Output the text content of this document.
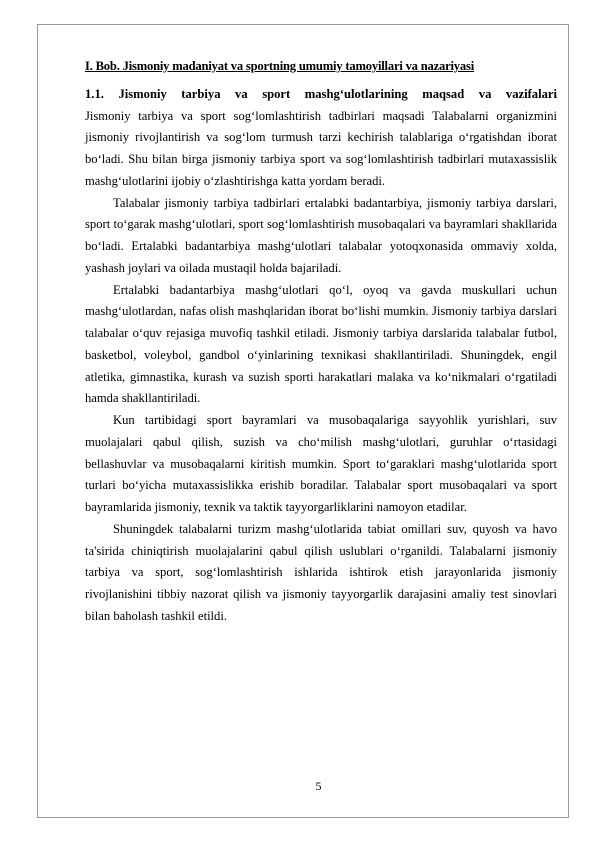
I. Bob. Jismoniy madaniyat va sportning umumiy tamoyillari va nazariyasi
1.1. Jismoniy tarbiya va sport mashg‘ulotlarining maqsad va vazifalari

Jismoniy tarbiya va sport sog‘lomlashtirish tadbirlari maqsadi Talabalarni organizmini jismoniy rivojlantirish va sog‘lom turmush tarzi kechirish talablariga o‘rgatishdan iborat bo‘ladi. Shu bilan birga jismoniy tarbiya sport va sog‘lomlashtirish tadbirlari mutaxassislik mashg‘ulotlarini ijobiy o‘zlashtirishga katta yordam beradi.

Talabalar jismoniy tarbiya tadbirlari ertalabki badantarbiya, jismoniy tarbiya darslari, sport to‘garak mashg‘ulotlari, sport sog‘lomlashtirish musobaqalari va bayramlari shakllarida bo‘ladi. Ertalabki badantarbiya mashg‘ulotlari talabalar yotoqxonasida ommaviy xolda, yashash joylari va oilada mustaqil holda bajariladi.

Ertalabki badantarbiya mashg‘ulotlari qo‘l, oyoq va gavda muskullari uchun mashg‘ulotlardan, nafas olish mashqlaridan iborat bo‘lishi mumkin. Jismoniy tarbiya darslari talabalar o‘quv rejasiga muvofiq tashkil etiladi. Jismoniy tarbiya darslarida talabalar futbol, basketbol, voleybol, gandbol o‘yinlarining texnikasi shakllantiriladi. Shuningdek, engil atletika, gimnastika, kurash va suzish sporti harakatlari malaka va ko‘nikmalari o‘rgatiladi hamda shakllantiriladi.

Kun tartibidagi sport bayramlari va musobaqalariga sayyohlik yurishlari, suv muolajalari qabul qilish, suzish va cho‘milish mashg‘ulotlari, guruhlar o‘rtasidagi bellashuvlar va musobaqalarni kiritish mumkin. Sport to‘garaklari mashg‘ulotlarida sport turlari bo‘yicha mutaxassislikka erishib boradilar. Talabalar sport musobaqalari va sport bayramlarida jismoniy, texnik va taktik tayyorgarliklarini namoyon etadilar.

Shuningdek talabalarni turizm mashg‘ulotlarida tabiat omillari suv, quyosh va havo ta'sirida chiniqtirish muolajalarini qabul qilish uslublari o‘rganildi. Talabalarni jismoniy tarbiya va sport, sog‘lomlashtirish ishlarida ishtirok etish jarayonlarida jismoniy rivojlanishini tibbiy nazorat qilish va jismoniy tayyorgarlik darajasini amaliy test sinovlari bilan baholash tashkil etildi.

5
